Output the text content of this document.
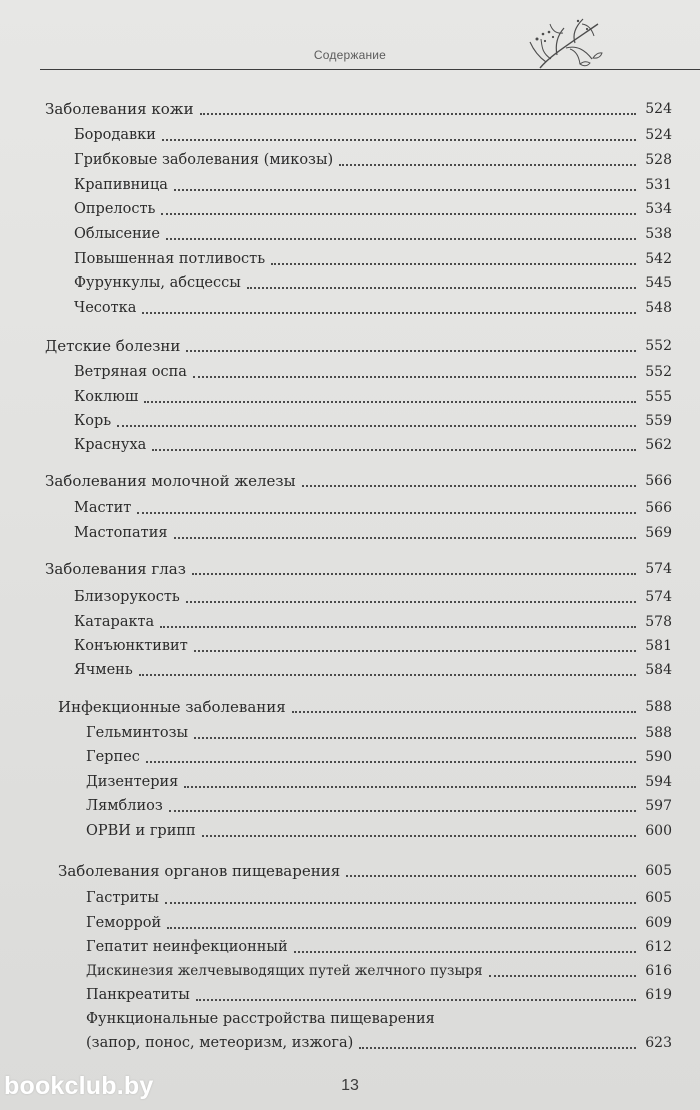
Содержание
Заболевания кожи	524
Бородавки	524
Грибковые заболевания (микозы)	528
Крапивница	531
Опрелость	534
Облысение	538
Повышенная потливость	542
Фурункулы, абсцессы	545
Чесотка	548
Детские болезни	552
Ветряная оспа	552
Коклюш	555
Корь	559
Краснуха	562
Заболевания молочной железы	566
Мастит	566
Мастопатия	569
Заболевания глаз	574
Близорукость	574
Катаракта	578
Конъюнктивит	581
Ячмень	584
Инфекционные заболевания	588
Гельминтозы	588
Герпес	590
Дизентерия	594
Лямблиоз	597
ОРВИ и грипп	600
Заболевания органов пищеварения	605
Гастриты	605
Геморрой	609
Гепатит неинфекционный	612
Дискинезия желчевыводящих путей желчного пузыря	616
Панкреатиты	619
Функциональные расстройства пищеварения
(запор, понос, метеоризм, изжога)	623
13
bookclub.by
